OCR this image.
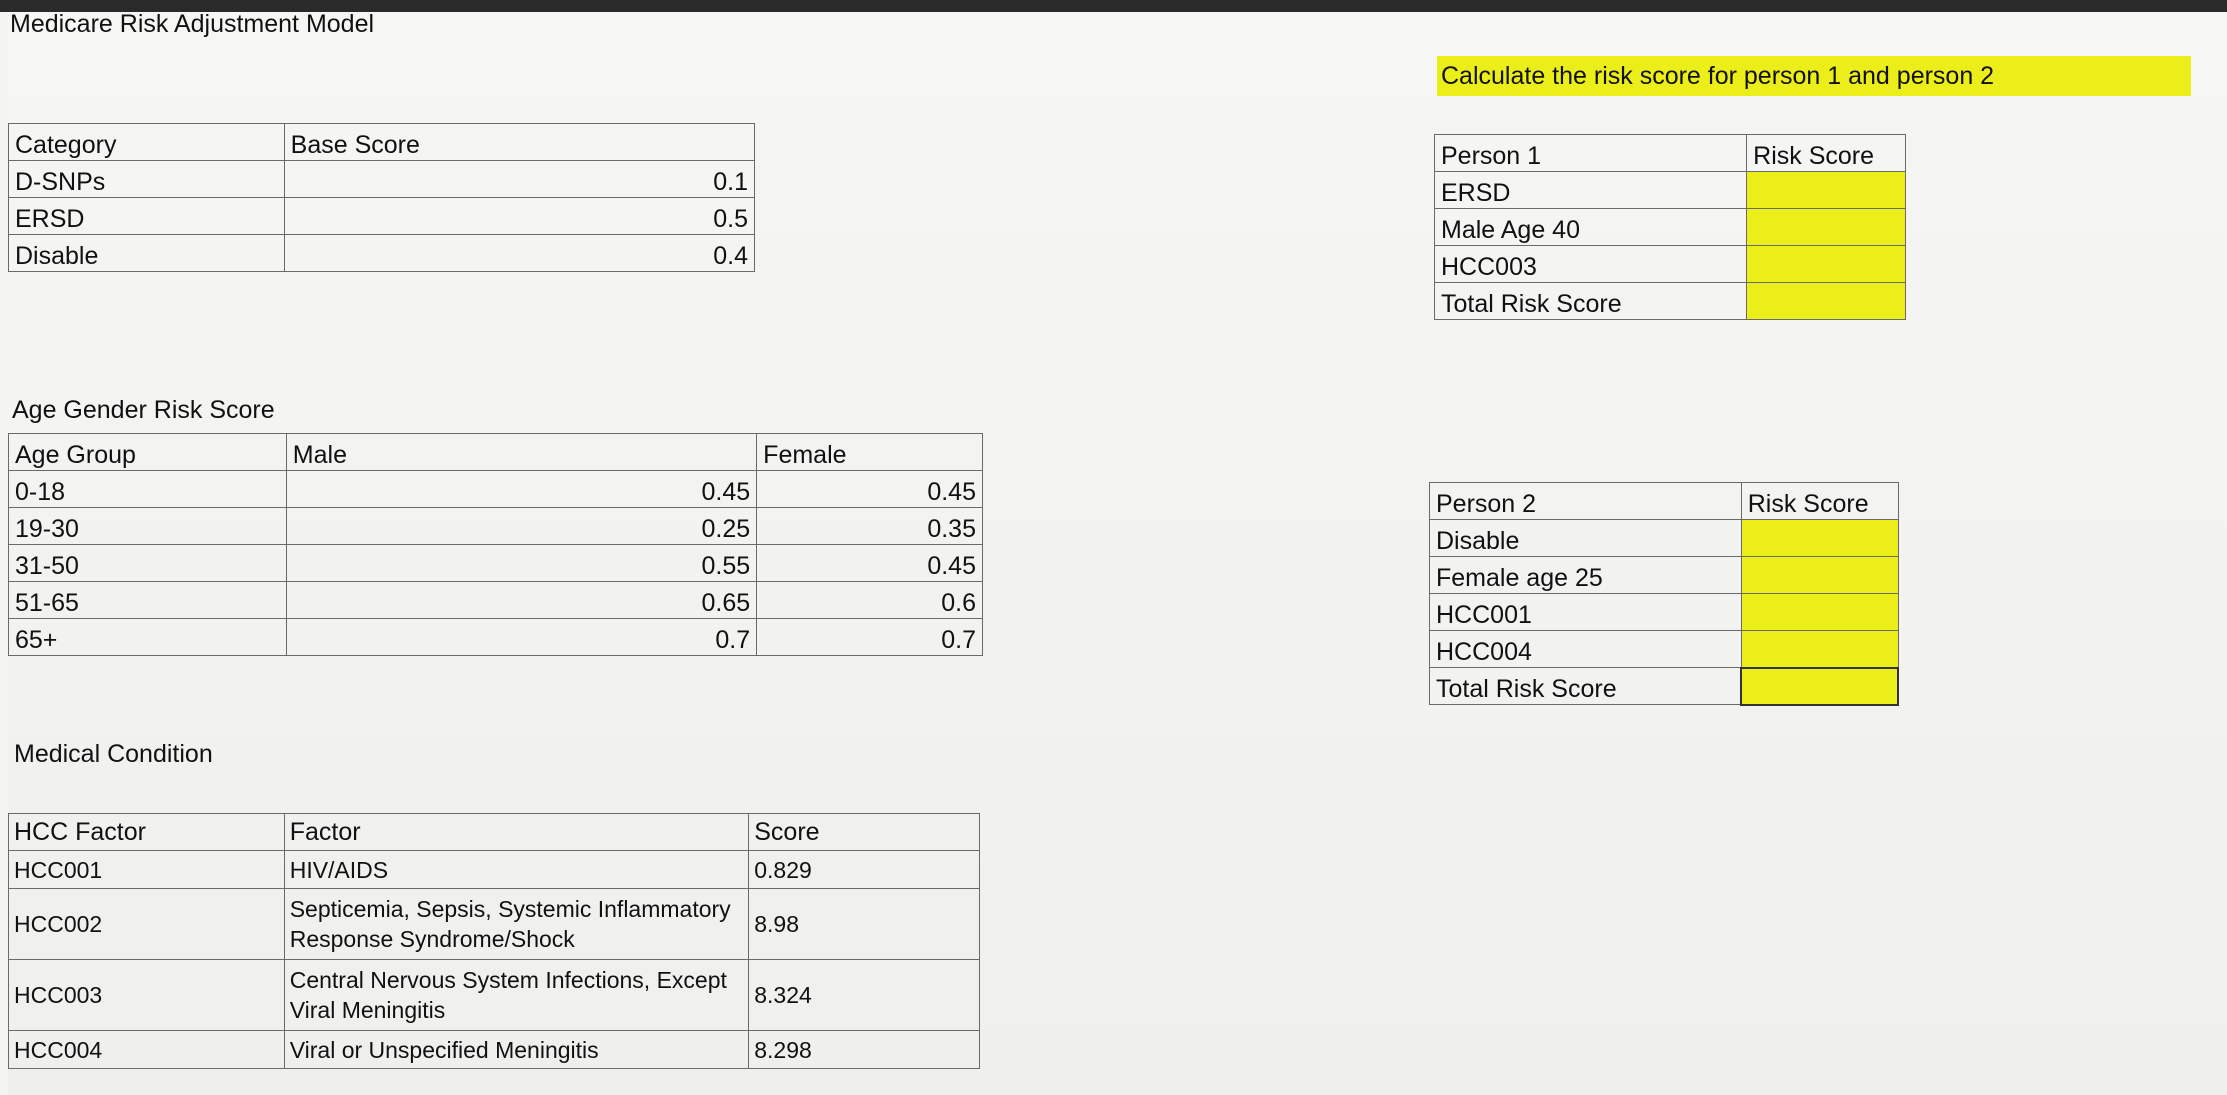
Medicare Risk Adjustment Model
Category	Base Score
D-SNPs	0.1
ERSD	0.5
Disable	0.4
Age Gender Risk Score
Age Group	Male	Female
0-18	0.45	0.45
19-30	0.25	0.35
31-50	0.55	0.45
51-65	0.65	0.6
65+	0.7	0.7
Medical Condition
HCC Factor	Factor	Score
HCC001	HIV/AIDS	0.829
HCC002	Septicemia, Sepsis, Systemic Inflammatory
Response Syndrome/Shock	8.98
HCC003	Central Nervous System Infections, Except
Viral Meningitis	8.324
HCC004	Viral or Unspecified Meningitis	8.298
Calculate the risk score for person 1 and person 2
Person 1	Risk Score
ERSD	
Male Age 40	
HCC003	
Total Risk Score	
Person 2	Risk Score
Disable	
Female age 25	
HCC001	
HCC004	
Total Risk Score	
